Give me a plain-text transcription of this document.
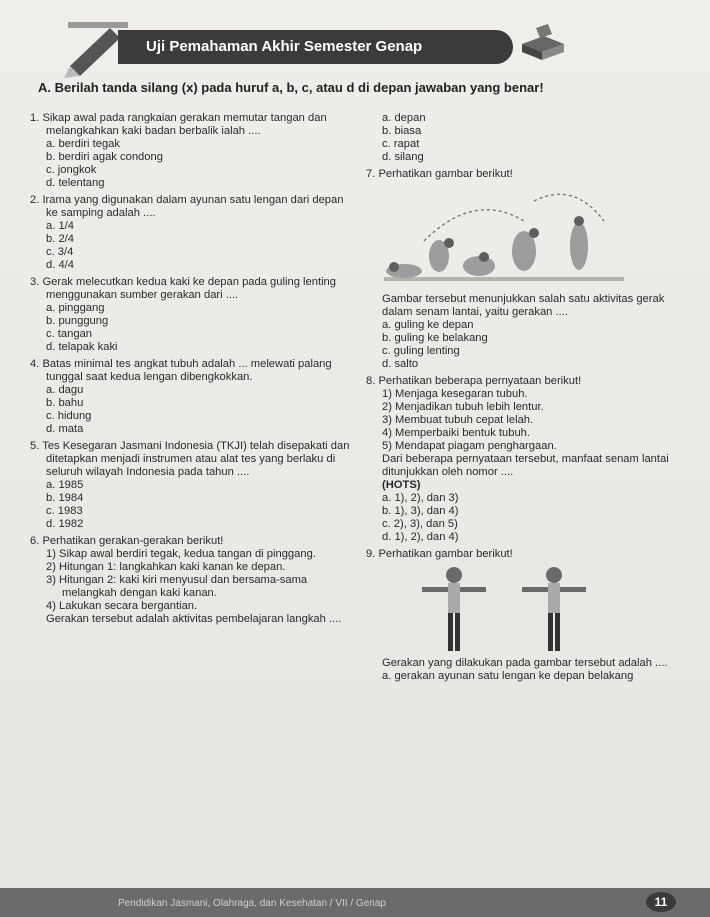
Uji Pemahaman Akhir Semester Genap
A. Berilah tanda silang (x) pada huruf a, b, c, atau d di depan jawaban yang benar!
1. Sikap awal pada rangkaian gerakan memutar tangan dan melangkahkan kaki badan berbalik ialah ....
a. berdiri tegak
b. berdiri agak condong
c. jongkok
d. telentang
2. Irama yang digunakan dalam ayunan satu lengan dari depan ke samping adalah ....
a. 1/4
b. 2/4
c. 3/4
d. 4/4
3. Gerak melecutkan kedua kaki ke depan pada guling lenting menggunakan sumber gerakan dari ....
a. pinggang
b. punggung
c. tangan
d. telapak kaki
4. Batas minimal tes angkat tubuh adalah ... melewati palang tunggal saat kedua lengan dibengkokkan.
a. dagu
b. bahu
c. hidung
d. mata
5. Tes Kesegaran Jasmani Indonesia (TKJI) telah disepakati dan ditetapkan menjadi instrumen atau alat tes yang berlaku di seluruh wilayah Indonesia pada tahun ....
a. 1985
b. 1984
c. 1983
d. 1982
6. Perhatikan gerakan-gerakan berikut!
1) Sikap awal berdiri tegak, kedua tangan di pinggang.
2) Hitungan 1: langkahkan kaki kanan ke depan.
3) Hitungan 2: kaki kiri menyusul dan bersama-sama melangkah dengan kaki kanan.
4) Lakukan secara bergantian.
Gerakan tersebut adalah aktivitas pembelajaran langkah ....
a. depan
b. biasa
c. rapat
d. silang
7. Perhatikan gambar berikut!
Gambar tersebut menunjukkan salah satu aktivitas gerak dalam senam lantai, yaitu gerakan ....
a. guling ke depan
b. guling ke belakang
c. guling lenting
d. salto
8. Perhatikan beberapa pernyataan berikut!
1) Menjaga kesegaran tubuh.
2) Menjadikan tubuh lebih lentur.
3) Membuat tubuh cepat lelah.
4) Memperbaiki bentuk tubuh.
5) Mendapat piagam penghargaan.
Dari beberapa pernyataan tersebut, manfaat senam lantai ditunjukkan oleh nomor ....
(HOTS)
a. 1), 2), dan 3)
b. 1), 3), dan 4)
c. 2), 3), dan 5)
d. 1), 2), dan 4)
9. Perhatikan gambar berikut!
Gerakan yang dilakukan pada gambar tersebut adalah ....
a. gerakan ayunan satu lengan ke depan belakang
Pendidikan Jasmani, Olahraga, dan Kesehatan / VII / Genap	11
